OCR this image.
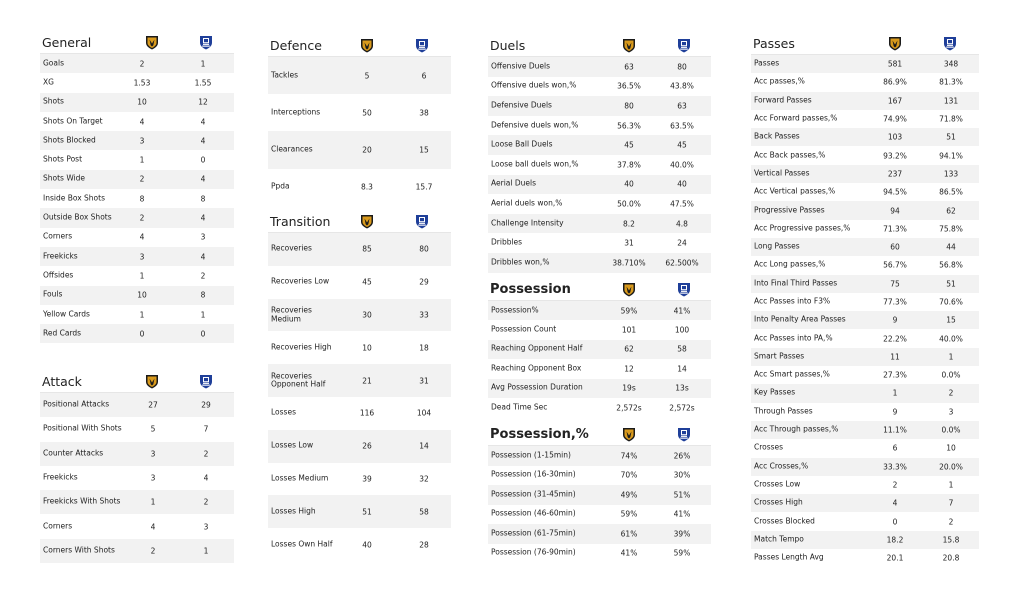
General
Goals	2	1
XG	1.53	1.55
Shots	10	12
Shots On Target	4	4
Shots Blocked	3	4
Shots Post	1	0
Shots Wide	2	4
Inside Box Shots	8	8
Outside Box Shots	2	4
Corners	4	3
Freekicks	3	4
Offsides	1	2
Fouls	10	8
Yellow Cards	1	1
Red Cards	0	0
Attack
Positional Attacks	27	29
Positional With Shots	5	7
Counter Attacks	3	2
Freekicks	3	4
Freekicks With Shots	1	2
Corners	4	3
Corners With Shots	2	1
Defence
Tackles	5	6
Interceptions	50	38
Clearances	20	15
Ppda	8.3	15.7
Transition
Recoveries	85	80
Recoveries Low	45	29
Recoveries Medium	30	33
Recoveries High	10	18
Recoveries Opponent Half	21	31
Losses	116	104
Losses Low	26	14
Losses Medium	39	32
Losses High	51	58
Losses Own Half	40	28
Duels
Offensive Duels	63	80
Offensive duels won,%	36.5%	43.8%
Defensive Duels	80	63
Defensive duels won,%	56.3%	63.5%
Loose Ball Duels	45	45
Loose ball duels won,%	37.8%	40.0%
Aerial Duels	40	40
Aerial duels won,%	50.0%	47.5%
Challenge Intensity	8.2	4.8
Dribbles	31	24
Dribbles won,%	38.710%	62.500%
Possession
Possession%	59%	41%
Possession Count	101	100
Reaching Opponent Half	62	58
Reaching Opponent Box	12	14
Avg Possession Duration	19s	13s
Dead Time Sec	2,572s	2,572s
Possession,%
Possession (1-15min)	74%	26%
Possession (16-30min)	70%	30%
Possession (31-45min)	49%	51%
Possession (46-60min)	59%	41%
Possession (61-75min)	61%	39%
Possession (76-90min)	41%	59%
Passes
Passes	581	348
Acc passes,%	86.9%	81.3%
Forward Passes	167	131
Acc Forward passes,%	74.9%	71.8%
Back Passes	103	51
Acc Back passes,%	93.2%	94.1%
Vertical Passes	237	133
Acc Vertical passes,%	94.5%	86.5%
Progressive Passes	94	62
Acc Progressive passes,%	71.3%	75.8%
Long Passes	60	44
Acc Long passes,%	56.7%	56.8%
Into Final Third Passes	75	51
Acc Passes into F3%	77.3%	70.6%
Into Penalty Area Passes	9	15
Acc Passes into PA,%	22.2%	40.0%
Smart Passes	11	1
Acc Smart passes,%	27.3%	0.0%
Key Passes	1	2
Through Passes	9	3
Acc Through passes,%	11.1%	0.0%
Crosses	6	10
Acc Crosses,%	33.3%	20.0%
Crosses Low	2	1
Crosses High	4	7
Crosses Blocked	0	2
Match Tempo	18.2	15.8
Passes Length Avg	20.1	20.8
